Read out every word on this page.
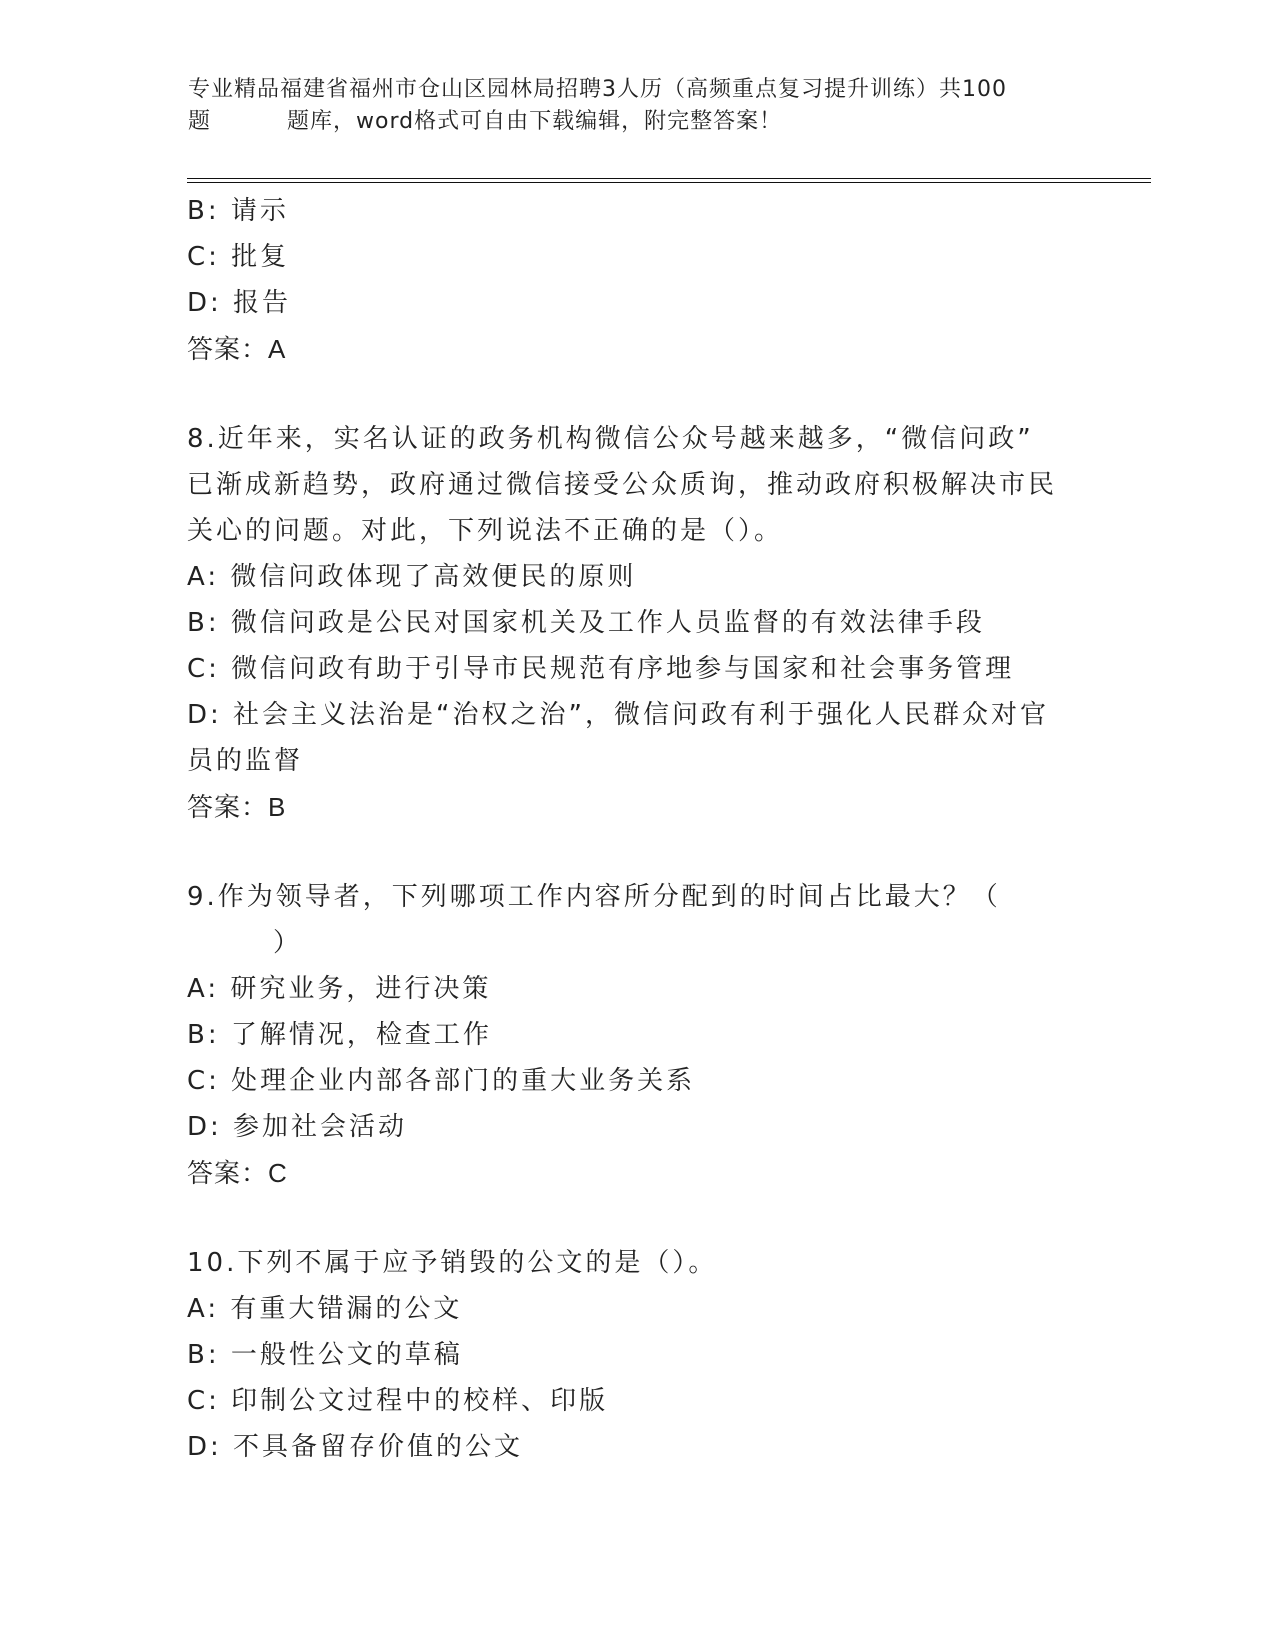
专业精品福建省福州市仓山区园林局招聘3人历（高频重点复习提升训练）共100
题	题库，word格式可自由下载编辑，附完整答案！
B: 请示
C: 批复
D: 报告
答案：A
8.近年来，实名认证的政务机构微信公众号越来越多，“微信问政”
已渐成新趋势，政府通过微信接受公众质询，推动政府积极解决市民
关心的问题。对此，下列说法不正确的是（）。
A: 微信问政体现了高效便民的原则
B: 微信问政是公民对国家机关及工作人员监督的有效法律手段
C: 微信问政有助于引导市民规范有序地参与国家和社会事务管理
D: 社会主义法治是“治权之治”，微信问政有利于强化人民群众对官
员的监督
答案：B
9.作为领导者，下列哪项工作内容所分配到的时间占比最大？（
）
A: 研究业务，进行决策
B: 了解情况，检查工作
C: 处理企业内部各部门的重大业务关系
D: 参加社会活动
答案：C
10.下列不属于应予销毁的公文的是（）。
A: 有重大错漏的公文
B: 一般性公文的草稿
C: 印制公文过程中的校样、印版
D: 不具备留存价值的公文
